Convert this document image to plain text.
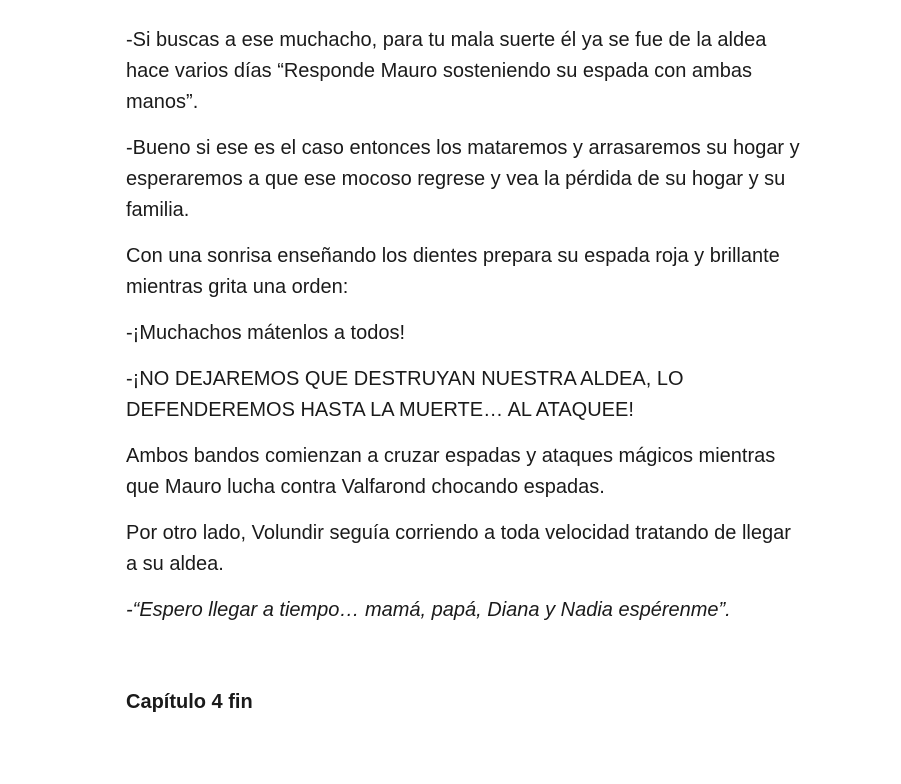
-Si buscas a ese muchacho, para tu mala suerte él ya se fue de la aldea hace varios días “Responde Mauro sosteniendo su espada con ambas manos”.

-Bueno si ese es el caso entonces los mataremos y arrasaremos su hogar y esperaremos a que ese mocoso regrese y vea la pérdida de su hogar y su familia.

Con una sonrisa enseñando los dientes prepara su espada roja y brillante mientras grita una orden:

-¡Muchachos mátenlos a todos!

-¡NO DEJAREMOS QUE DESTRUYAN NUESTRA ALDEA, LO DEFENDEREMOS HASTA LA MUERTE… AL ATAQUEE!

Ambos bandos comienzan a cruzar espadas y ataques mágicos mientras que Mauro lucha contra Valfarond chocando espadas.

Por otro lado, Volundir seguía corriendo a toda velocidad tratando de llegar a su aldea.

-“Espero llegar a tiempo… mamá, papá, Diana y Nadia espérenme”.

Capítulo 4 fin
